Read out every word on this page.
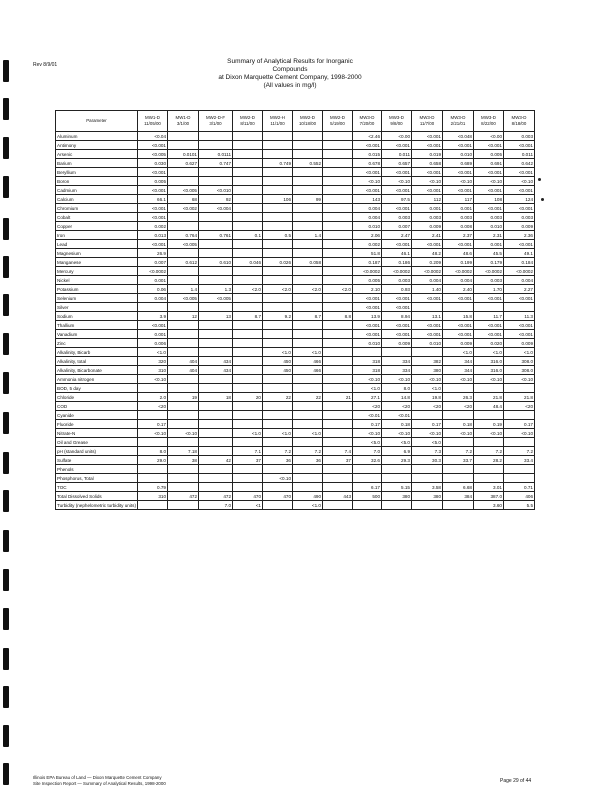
Rev 8/9/01	Summary of Analytical Results for Inorganic
Compounds
at Dixon Marquette Cement Company, 1998-2000
(All values in mg/l)
Parameter	MW1-D 11/05/00	MW1-D 3/1/00	MW2-D-F 3/1/00	MW2-D 8/11/00	MW2-H 11/1/00	MW2-D 10/18/00	MW2-D 5/19/00	MW3-D 7/20/00	MW3-D 9/8/00	MW3-D 11/7/00	MW3-D 2/21/01	MW3-D 8/22/00	MW3-D 8/18/00
Aluminum	<0.04							<2.46	<0.00	<0.001	<0.048	<0.00	0.003
Antimony	<0.001							<0.001	<0.001	<0.001	<0.001	<0.001	<0.001
Arsenic	<0.005	0.0101	0.0111					0.015	0.011	0.019	0.010	0.005	0.011
Barium	0.030	0.627	0.747		0.749	0.552		0.678	0.657	0.658	0.689	0.691	0.642
Beryllium	<0.001							<0.001	<0.001	<0.001	<0.001	<0.001	<0.001
Boron	0.005							<0.10	<0.10	<0.10	<0.10	<0.10	<0.10
Cadmium	<0.001	<0.005	<0.010					<0.001	<0.001	<0.001	<0.001	<0.001	<0.001
Calcium	66.1	68	92		106	99		143	97.5	112	117	108	124
Chromium	<0.001	<0.002	<0.004					0.004	<0.001	0.001	0.001	<0.001	<0.001
Cobalt	<0.001							0.004	0.003	0.003	0.003	0.003	0.003
Copper	0.002							0.010	0.007	0.009	0.008	0.010	0.009
Iron	0.013	0.764	0.761	0.1	0.5	1.4		2.06	2.47	2.41	2.37	2.31	2.36
Lead	<0.001	<0.005						0.002	<0.001	<0.001	<0.001	0.001	<0.001
Magnesium	26.9							51.8	46.1	48.2	48.6	45.5	49.1
Manganese	0.007	0.612	0.610	0.046	0.026	0.058		0.187	0.186	0.209	0.199	0.179	0.184
Mercury	<0.0002							<0.0002	<0.0002	<0.0002	<0.0002	<0.0002	<0.0002
Nickel	0.001							0.005	0.003	0.004	0.004	0.003	0.004
Potassium	0.06	1.4	1.3	<2.0	<2.0	<2.0	<2.0	2.10	0.93	1.40	2.40	1.70	2.27
Selenium	0.004	<0.005	<0.005					<0.001	<0.001	<0.001	<0.001	<0.001	<0.001
Silver								<0.001	<0.001				
Sodium	3.9	12	13	8.7	9.2	8.7	8.8	13.9	8.94	13.1	15.8	11.7	11.3
Thallium	<0.001							<0.001	<0.001	<0.001	<0.001	<0.001	<0.001
Vanadium	0.001							<0.001	<0.001	<0.001	<0.001	<0.001	<0.001
Zinc	0.006							0.010	0.009	0.010	0.009	0.020	0.009
Alkalinity, Bicarb	<1.0				<1.0	<1.0					<1.0	<1.0	<1.0
Alkalinity, total	320	404	434		450	466		318	334	382	344	316.0	308.0
Alkalinity, Bicarbonate	310	404	434		450	466		318	334	380	344	316.0	308.0
Ammonia nitrogen	<0.10							<0.10	<0.10	<0.10	<0.10	<0.10	<0.10
BOD, 5 day								<1.0	8.0	<1.0			
Chloride	2.0	19	18	20	22	22	21	27.1	14.8	19.8	26.3	21.8	21.8
COD	<20							<20	<20	<20	<20	48.4	<20
Cyanide								<0.01	<0.01				
Fluoride	0.17							0.17	0.18	0.17	0.18	0.19	0.17
Nitrate-N	<0.10	<0.10		<1.0	<1.0	<1.0		<0.10	<0.10	<0.10	<0.10	<0.10	<0.10
Oil and Grease								<5.0	<5.0	<5.0			
pH (standard units)	8.0	7.18		7.1	7.2	7.2	7.4	7.0	6.9	7.3	7.2	7.2	7.2
Sulfate	29.0	38	42	37	36	36	37	32.6	29.3	30.3	33.7	28.2	33.4
Phenols													
Phosphorus, Total					<0.10								
TOC	0.79							6.17	5.15	3.58	6.68	3.01	0.71
Total Dissolved Solids	310	472	472	470	470	490	443	500	380	380	384	387.0	406
Turbidity (nephelometric turbidity units)			7.0	<1		<1.0						3.60	5.5
Illinois EPA Bureau of Land — Dixon Marquette Cement Company
Site Inspection Report — Summary of Analytical Results, 1998-2000	Page 29 of 44
